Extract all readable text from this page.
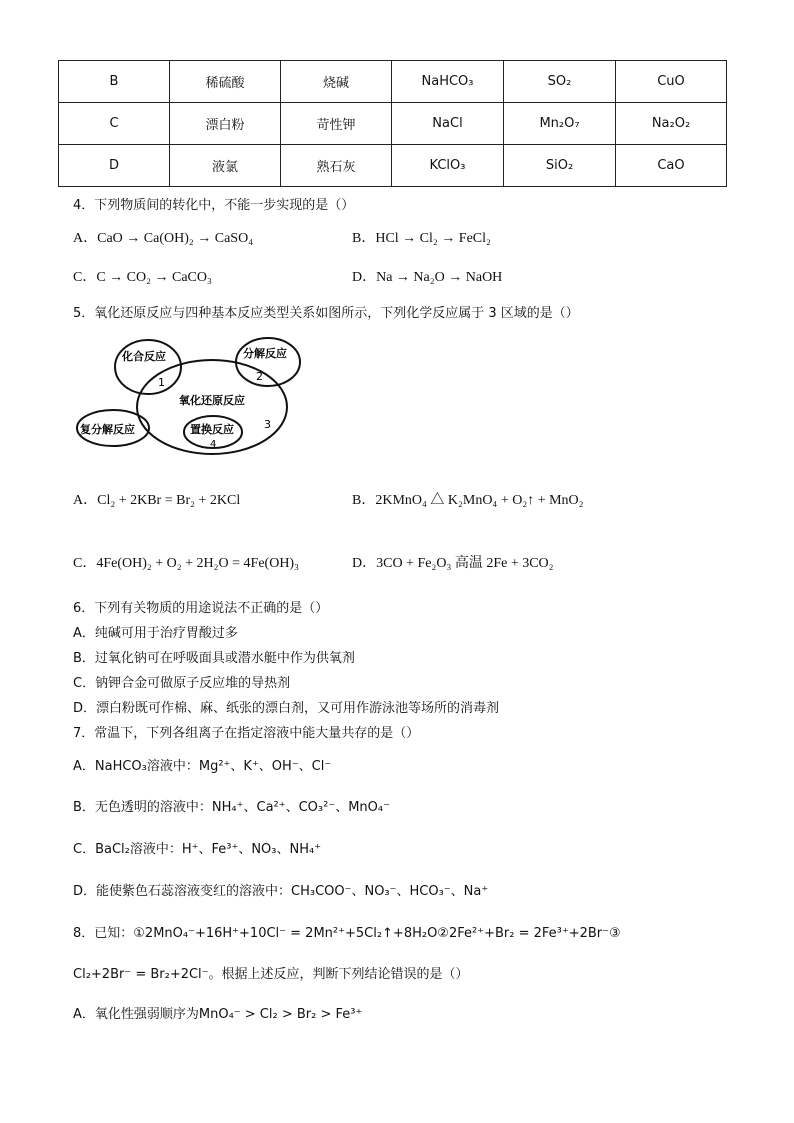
B	稀硫酸	烧碱	NaHCO₃	SO₂	CuO
C	漂白粉	苛性钾	NaCl	Mn₂O₇	Na₂O₂
D	液氯	熟石灰	KClO₃	SiO₂	CaO
4．下列物质间的转化中，不能一步实现的是（）
A．CaO → Ca(OH)₂ → CaSO₄	B．HCl → Cl₂ → FeCl₂
C．C → CO₂ → CaCO₃	D．Na → Na₂O → NaOH
5．氧化还原反应与四种基本反应类型关系如图所示，下列化学反应属于 3 区域的是（）
化合反应
1
分解反应
2
氧化还原反应
复分解反应	置换反应
4
3
A．Cl₂ + 2KBr = Br₂ + 2KCl	B．2KMnO₄ △ K₂MnO₄ + O₂↑ + MnO₂
C．4Fe(OH)₂ + O₂ + 2H₂O = 4Fe(OH)₃	D．3CO + Fe₂O₃ 高温 2Fe + 3CO₂
6．下列有关物质的用途说法不正确的是（）
A．纯碱可用于治疗胃酸过多
B．过氧化钠可在呼吸面具或潜水艇中作为供氧剂
C．钠钾合金可做原子反应堆的导热剂
D．漂白粉既可作棉、麻、纸张的漂白剂，又可用作游泳池等场所的消毒剂
7．常温下，下列各组离子在指定溶液中能大量共存的是（）
A．NaHCO₃溶液中：Mg²⁺、K⁺、OH⁻、Cl⁻
B．无色透明的溶液中：NH₄⁺、Ca²⁺、CO₃²⁻、MnO₄⁻
C．BaCl₂溶液中：H⁺、Fe³⁺、NO₃、NH₄⁺
D．能使紫色石蕊溶液变红的溶液中：CH₃COO⁻、NO₃⁻、HCO₃⁻、Na⁺
8．已知：①2MnO₄⁻+16H⁺+10Cl⁻ = 2Mn²⁺+5Cl₂↑+8H₂O②2Fe²⁺+Br₂ = 2Fe³⁺+2Br⁻③
Cl₂+2Br⁻ = Br₂+2Cl⁻。根据上述反应，判断下列结论错误的是（）
A．氧化性强弱顺序为MnO₄⁻ > Cl₂ > Br₂ > Fe³⁺
